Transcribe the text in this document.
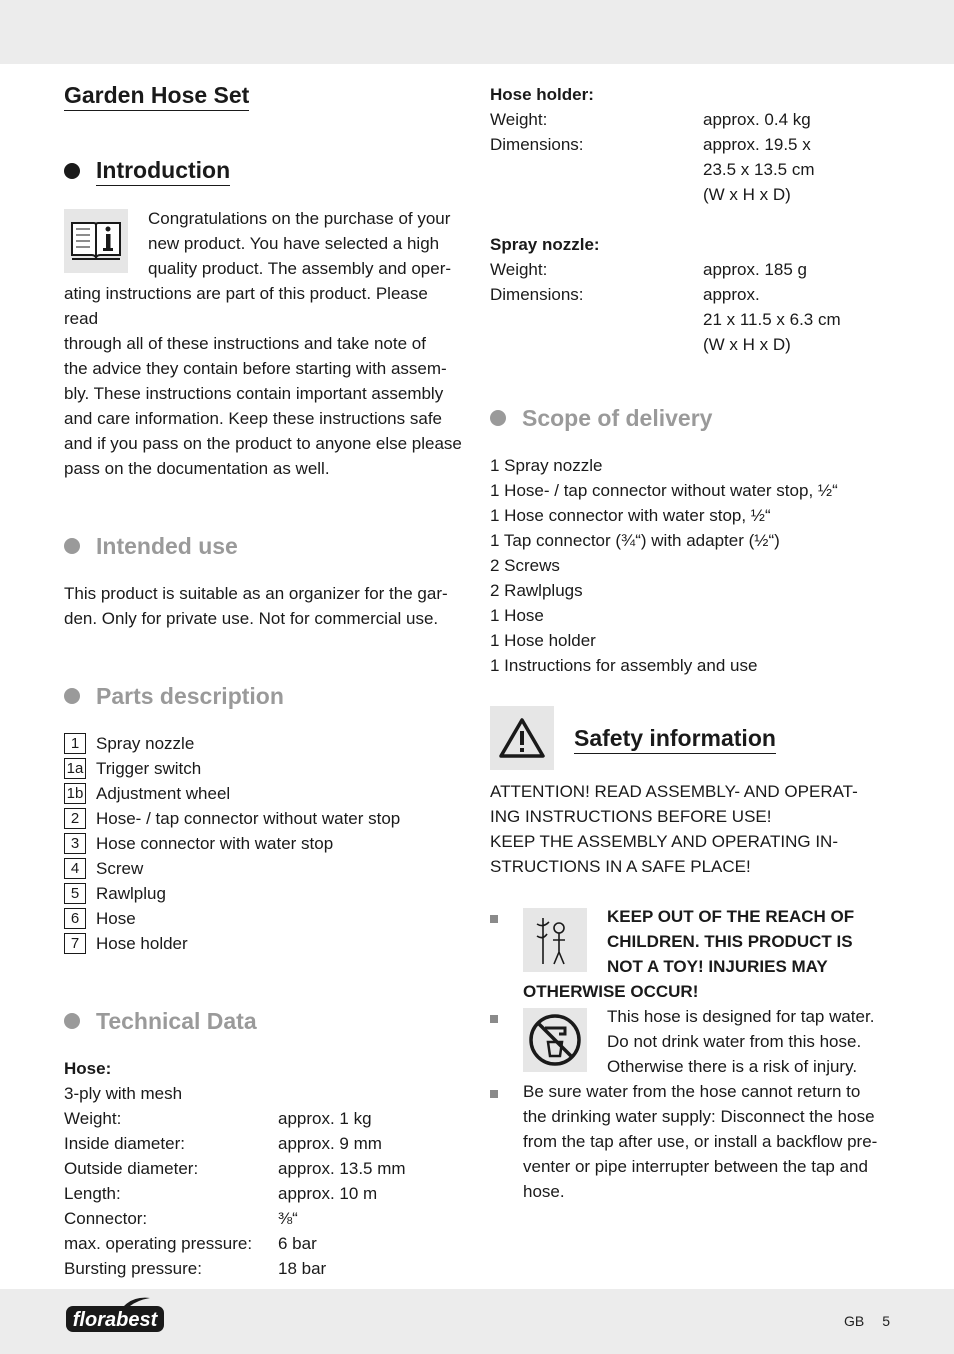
Garden Hose Set
Introduction

Congratulations on the purchase of your

new product. You have selected a high

quality product. The assembly and oper-

ating instructions are part of this product. Please read

through all of these instructions and take note of

the advice they contain before starting with assem-

bly. These instructions contain important assembly

and care information. Keep these instructions safe

and if you pass on the product to anyone else please

pass on the documentation as well.

Intended use

This product is suitable as an organizer for the gar-

den. Only for private use. Not for commercial use.

Parts description
1 Spray nozzle
1a Trigger switch
1b Adjustment wheel
2 Hose- / tap connector without water stop
3 Hose connector with water stop
4 Screw
5 Rawlplug
6 Hose
7 Hose holder
Technical Data

Hose:

3-ply with mesh

Weight:	approx. 1 kg
Inside diameter:	approx. 9 mm
Outside diameter:	approx. 13.5 mm
Length:	approx. 10 m
Connector:	⅜“
max. operating pressure:	6 bar
Bursting pressure:	18 bar

Hose holder:

Weight:	approx. 0.4 kg
Dimensions:	approx. 19.5 x

23.5 x 13.5 cm

(W x H x D)

Spray nozzle:

Weight:	approx. 185 g
Dimensions:	approx.

21 x 11.5 x 6.3 cm

(W x H x D)

Scope of delivery

1 Spray nozzle

1 Hose- / tap connector without water stop, ½“

1 Hose connector with water stop, ½“

1 Tap connector (¾“) with adapter (½“)

2 Screws

2 Rawlplugs

1 Hose

1 Hose holder

1 Instructions for assembly and use

Safety information

ATTENTION! READ ASSEMBLY- AND OPERAT-

ING INSTRUCTIONS BEFORE USE!

KEEP THE ASSEMBLY AND OPERATING IN-

STRUCTIONS IN A SAFE PLACE!

KEEP OUT OF THE REACH OF

CHILDREN. THIS PRODUCT IS

NOT A TOY! INJURIES MAY

OTHERWISE OCCUR!

This hose is designed for tap water.

Do not drink water from this hose.

Otherwise there is a risk of injury.

Be sure water from the hose cannot return to

the drinking water supply: Disconnect the hose

from the tap after use, or install a backflow pre-

venter or pipe interrupter between the tap and

hose.

florabest	GB 5
